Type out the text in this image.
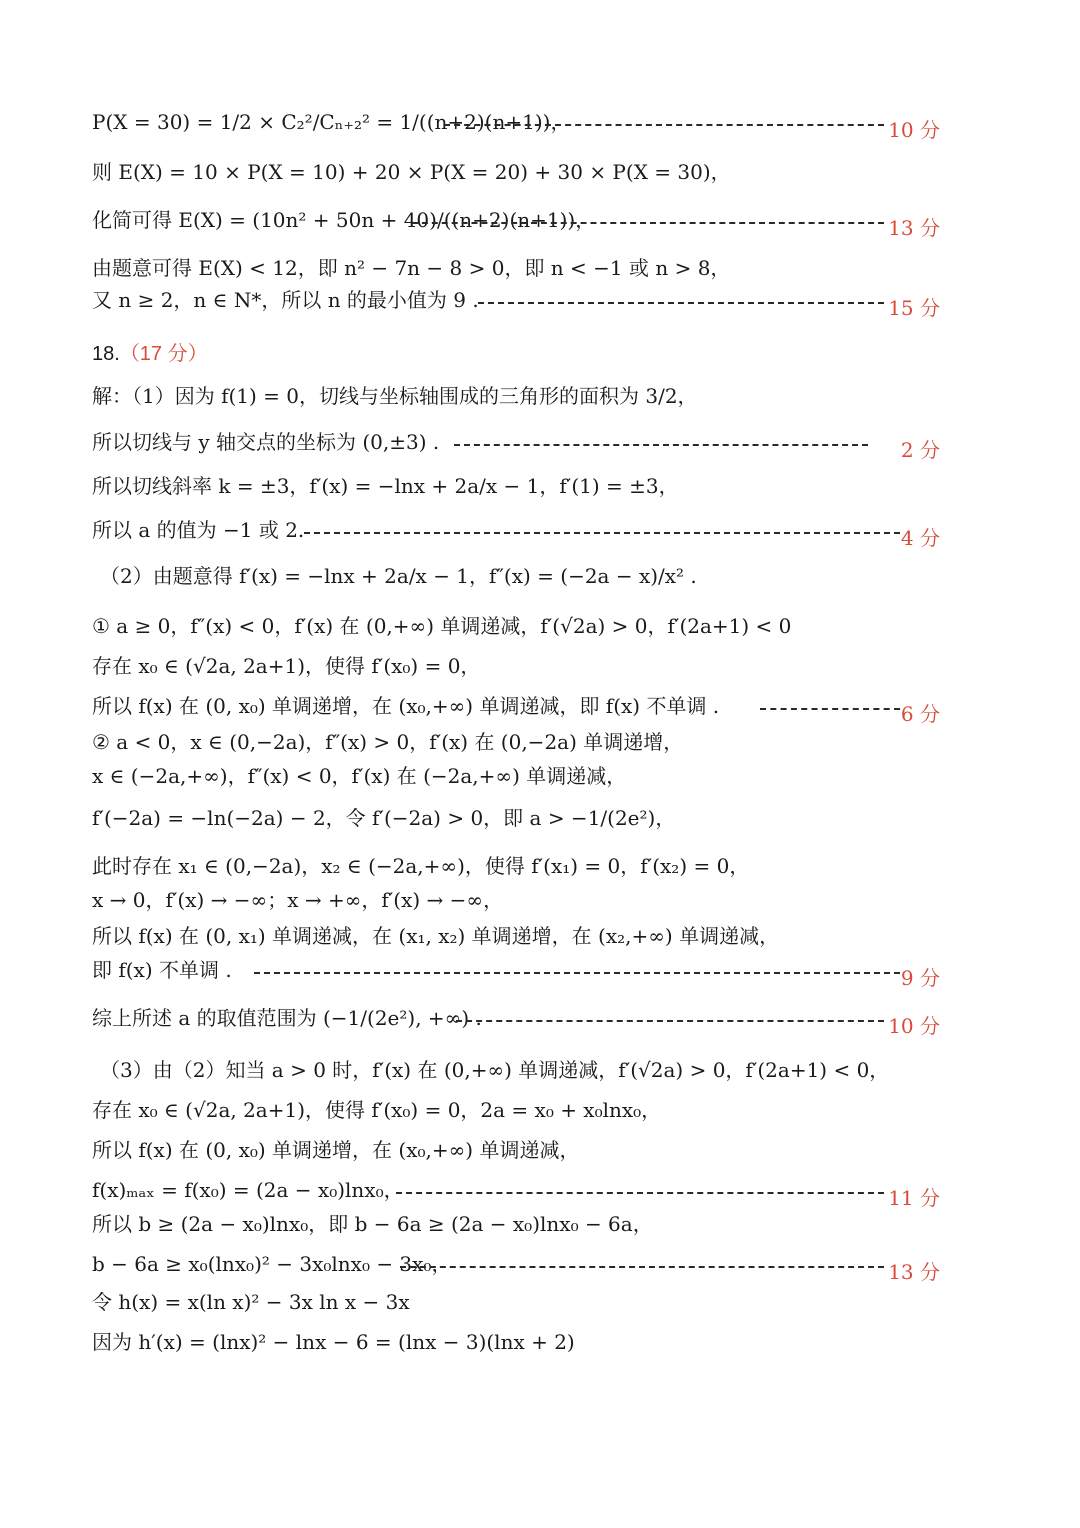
P(X = 30) = 1/2 × C₂²/Cₙ₊₂² = 1/((n+2)(n+1))，	10 分
则 E(X) = 10 × P(X = 10) + 20 × P(X = 20) + 30 × P(X = 30)，
化简可得 E(X) = (10n² + 50n + 40)/((n+2)(n+1))，	13 分
由题意可得 E(X) < 12，即 n² − 7n − 8 > 0，即 n < −1 或 n > 8，
又 n ≥ 2，n ∈ N*，所以 n 的最小值为 9 .	15 分
18.（17 分）
解：（1）因为 f(1) = 0，切线与坐标轴围成的三角形的面积为 3/2，
所以切线与 y 轴交点的坐标为 (0,±3) .	2 分
所以切线斜率 k = ±3，f′(x) = −lnx + 2a/x − 1，f′(1) = ±3，
所以 a 的值为 −1 或 2.	4 分
（2）由题意得 f′(x) = −lnx + 2a/x − 1，f″(x) = (−2a − x)/x² .
① a ≥ 0，f″(x) < 0，f′(x) 在 (0,+∞) 单调递减，f′(√2a) > 0，f′(2a+1) < 0
存在 x₀ ∈ (√2a, 2a+1)，使得 f′(x₀) = 0，
所以 f(x) 在 (0, x₀) 单调递增，在 (x₀,+∞) 单调递减，即 f(x) 不单调 .	6 分
② a < 0，x ∈ (0,−2a)，f″(x) > 0，f′(x) 在 (0,−2a) 单调递增，
x ∈ (−2a,+∞)，f″(x) < 0，f′(x) 在 (−2a,+∞) 单调递减，
f′(−2a) = −ln(−2a) − 2，令 f′(−2a) > 0，即 a > −1/(2e²)，
此时存在 x₁ ∈ (0,−2a)，x₂ ∈ (−2a,+∞)，使得 f′(x₁) = 0，f′(x₂) = 0，
x → 0，f′(x) → −∞；x → +∞，f′(x) → −∞，
所以 f(x) 在 (0, x₁) 单调递减，在 (x₁, x₂) 单调递增，在 (x₂,+∞) 单调递减，
即 f(x) 不单调 .	9 分
综上所述 a 的取值范围为 (−1/(2e²), +∞) .	10 分
（3）由（2）知当 a > 0 时，f′(x) 在 (0,+∞) 单调递减，f′(√2a) > 0，f′(2a+1) < 0，
存在 x₀ ∈ (√2a, 2a+1)，使得 f′(x₀) = 0，2a = x₀ + x₀lnx₀，
所以 f(x) 在 (0, x₀) 单调递增，在 (x₀,+∞) 单调递减，
f(x)ₘₐₓ = f(x₀) = (2a − x₀)lnx₀，	11 分
所以 b ≥ (2a − x₀)lnx₀，即 b − 6a ≥ (2a − x₀)lnx₀ − 6a，
b − 6a ≥ x₀(lnx₀)² − 3x₀lnx₀ − 3x₀，	13 分
令 h(x) = x(ln x)² − 3x ln x − 3x
因为 h′(x) = (lnx)² − lnx − 6 = (lnx − 3)(lnx + 2)
